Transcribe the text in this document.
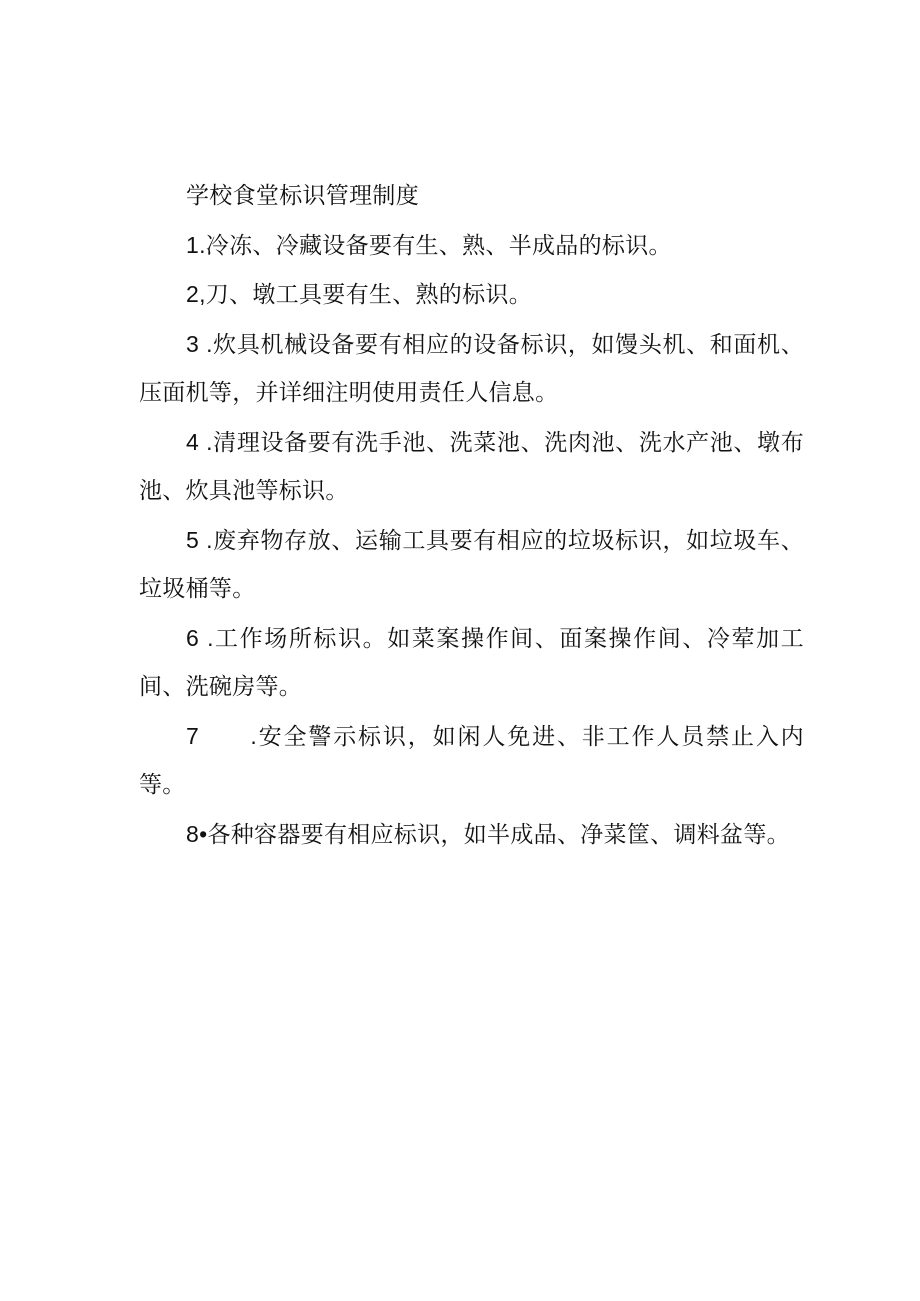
学校食堂标识管理制度

1.冷冻、冷藏设备要有生、熟、半成品的标识。

2,刀、墩工具要有生、熟的标识。

3 .炊具机械设备要有相应的设备标识，如馒头机、和面机、压面机等，并详细注明使用责任人信息。

4 .清理设备要有洗手池、洗菜池、洗肉池、洗水产池、墩布池、炊具池等标识。

5 .废弃物存放、运输工具要有相应的垃圾标识，如垃圾车、垃圾桶等。

6 .工作场所标识。如菜案操作间、面案操作间、冷荤加工间、洗碗房等。

7　　.安全警示标识，如闲人免进、非工作人员禁止入内等。

8•各种容器要有相应标识，如半成品、净菜筐、调料盆等。
